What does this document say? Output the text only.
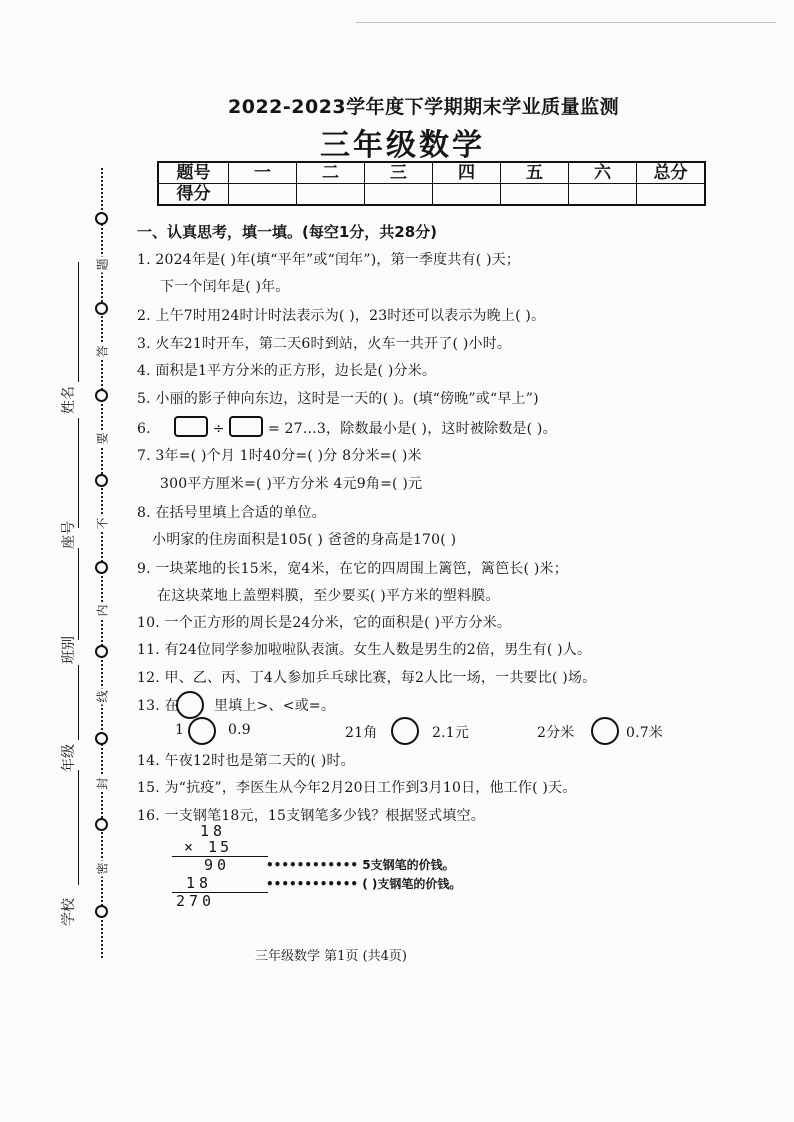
题
答
要
不
内
线
封
密
姓名
座号
班别
年级
学校
2022-2023学年度下学期期末学业质量监测
三年级数学
题号	一	二	三	四	五	六	总分
得分							
一、认真思考，填一填。(每空1分，共28分)
1. 2024年是( )年(填“平年”或“闰年”)，第一季度共有( )天；
下一个闰年是( )年。
2. 上午7时用24时计时法表示为( )，23时还可以表示为晚上( )。
3. 火车21时开车，第二天6时到站，火车一共开了( )小时。
4. 面积是1平方分米的正方形，边长是( )分米。
5. 小丽的影子伸向东边，这时是一天的( )。(填“傍晚”或“早上”)
6.	÷	= 27…3，除数最小是( )，这时被除数是( )。
7. 3年=( )个月 1时40分=( )分 8分米=( )米
300平方厘米=( )平方分米 4元9角=( )元
8. 在括号里填上合适的单位。
小明家的住房面积是105( ) 爸爸的身高是170( )
9. 一块菜地的长15米，宽4米，在它的四周围上篱笆，篱笆长( )米；
在这块菜地上盖塑料膜，至少要买( )平方米的塑料膜。
10. 一个正方形的周长是24分米，它的面积是( )平方分米。
11. 有24位同学参加啦啦队表演。女生人数是男生的2倍，男生有( )人。
12. 甲、乙、丙、丁4人参加乒乓球比赛，每2人比一场，一共要比( )场。
13. 在	里填上>、<或=。
1	0.9	21角	2.1元	2分米	0.7米
14. 午夜12时也是第二天的( )时。
15. 为“抗疫”，李医生从今年2月20日工作到3月10日，他工作( )天。
16. 一支钢笔18元，15支钢笔多少钱？根据竖式填空。
18
× 15
90
18
270
•••••••••••• 5支钢笔的价钱。
•••••••••••• ( )支钢笔的价钱。
三年级数学 第1页 (共4页)
